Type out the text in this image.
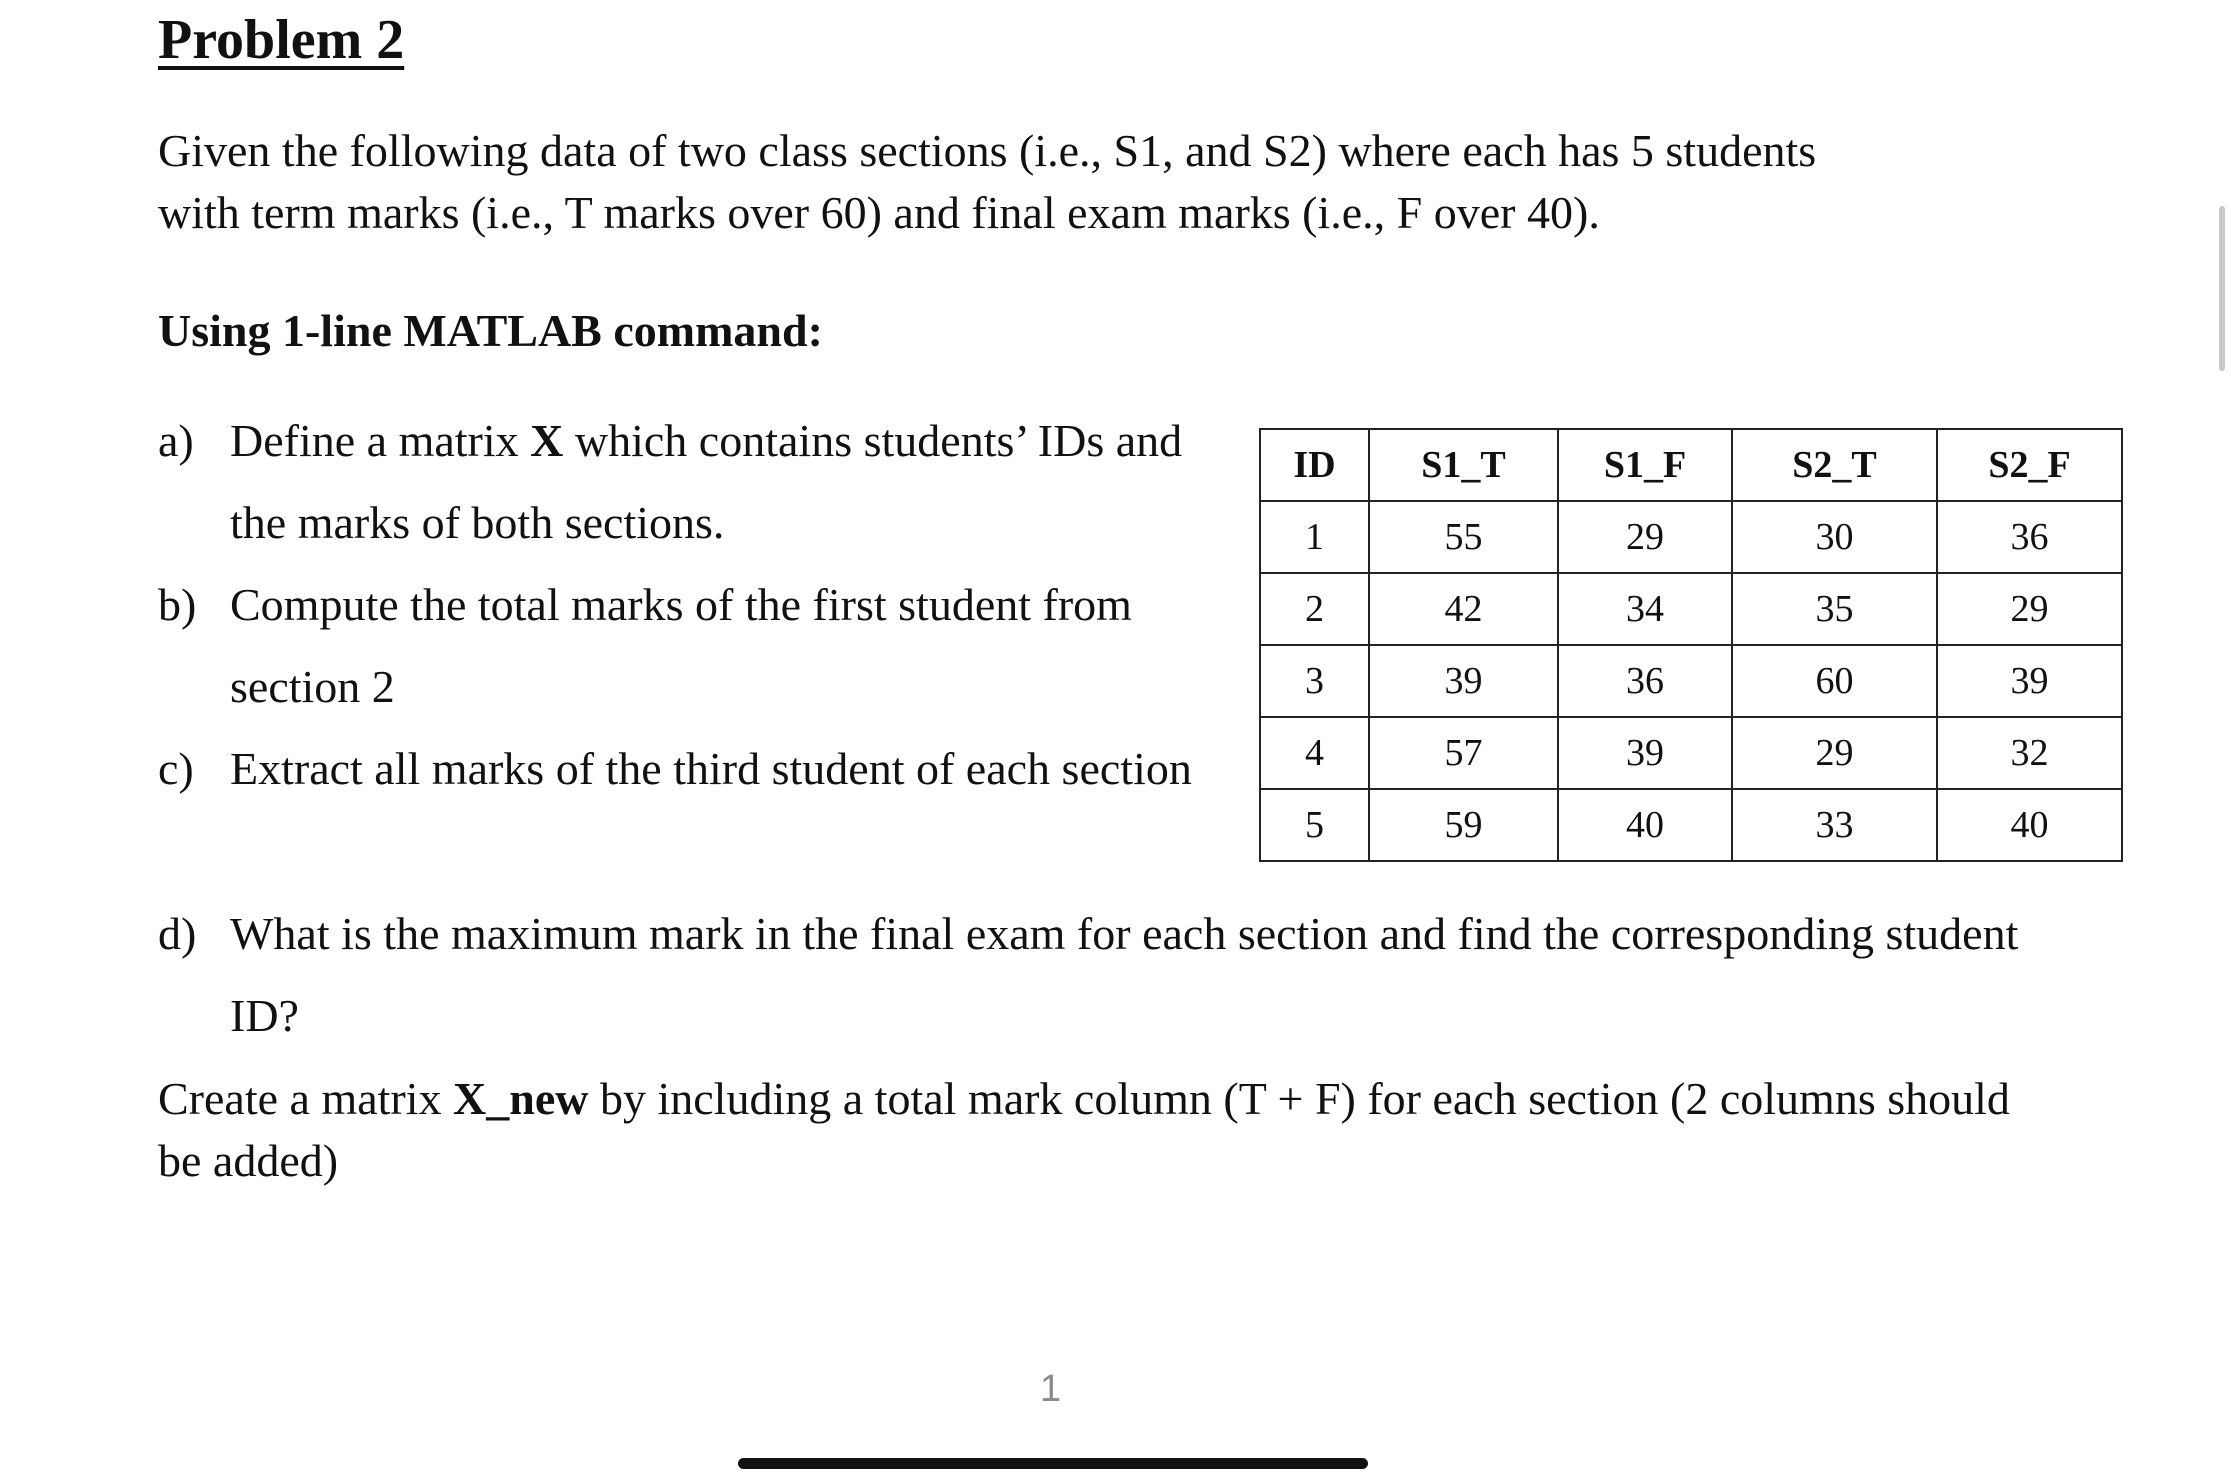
Problem 2
Given the following data of two class sections (i.e., S1, and S2) where each has 5 students
with term marks (i.e., T marks over 60) and final exam marks (i.e., F over 40).
Using 1-line MATLAB command:
a) Define a matrix X which contains students’ IDs and the marks of both sections.
b) Compute the total marks of the first student from section 2
c) Extract all marks of the third student of each section
d) What is the maximum mark in the final exam for each section and find the corresponding student ID?

Create a matrix X_new by including a total mark column (T + F) for each section (2 columns should be added)

ID	S1_T	S1_F	S2_T	S2_F
1	55	29	30	36
2	42	34	35	29
3	39	36	60	39
4	57	39	29	32
5	59	40	33	40
1
